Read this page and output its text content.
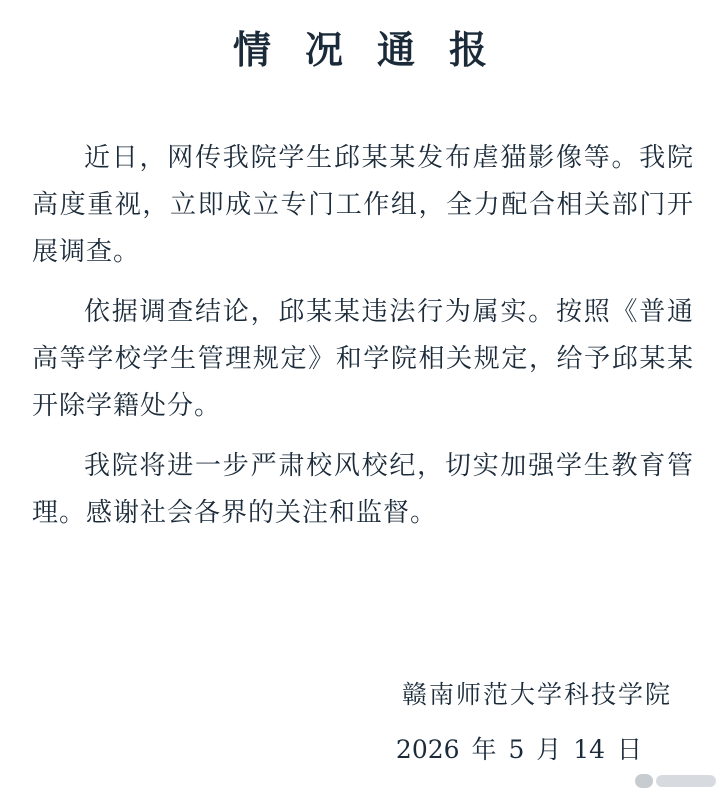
情况通报

近日，网传我院学生邱某某发布虐猫影像等。我院高度重视，立即成立专门工作组，全力配合相关部门开展调查。

依据调查结论，邱某某违法行为属实。按照《普通高等学校学生管理规定》和学院相关规定，给予邱某某开除学籍处分。

我院将进一步严肃校风校纪，切实加强学生教育管理。感谢社会各界的关注和监督。

赣南师范大学科技学院
2026 年 5 月 14 日
